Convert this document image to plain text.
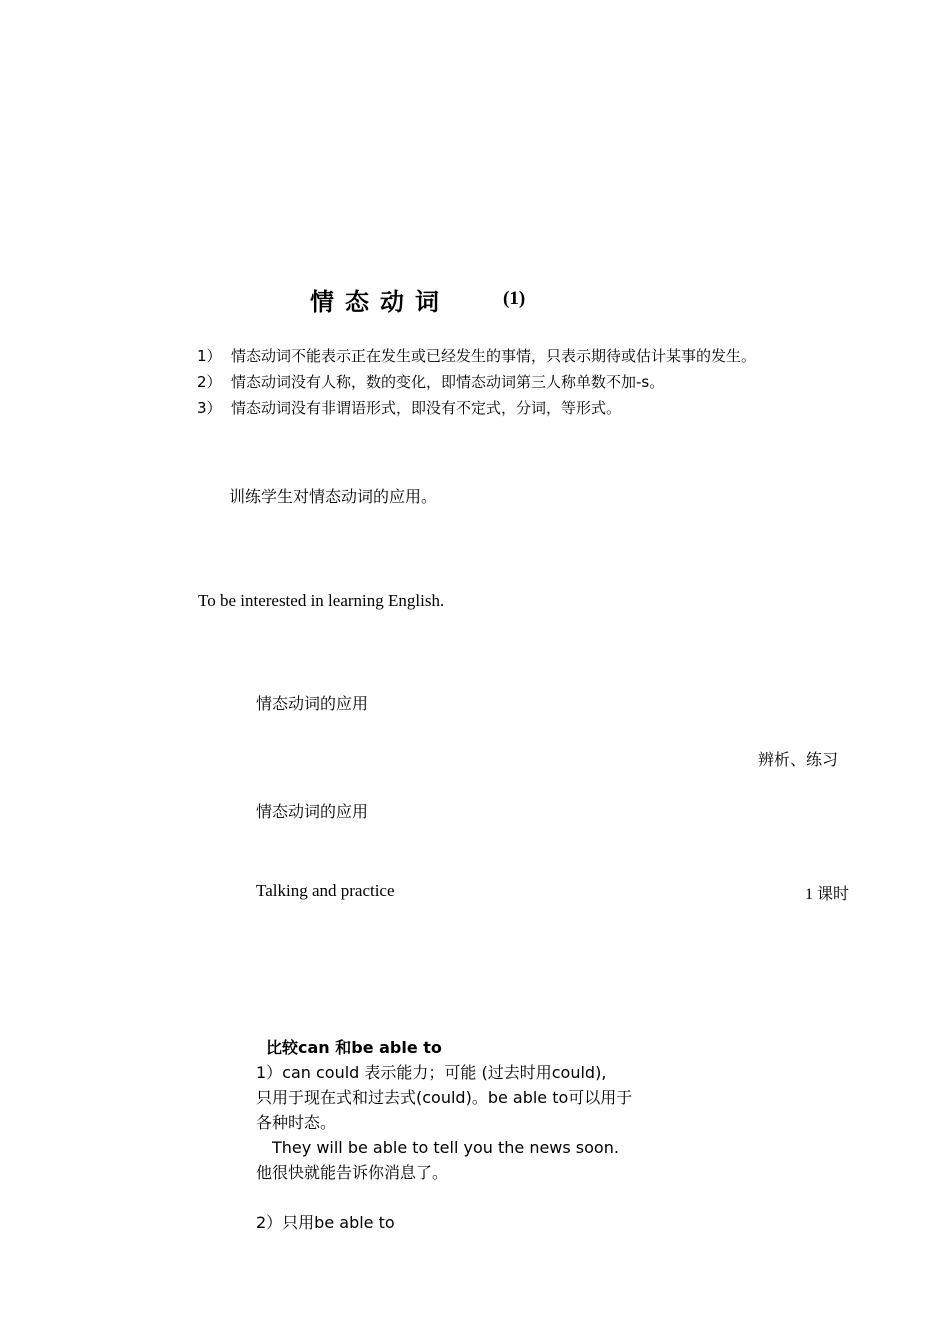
情态动词	(1)
1） 情态动词不能表示正在发生或已经发生的事情，只表示期待或估计某事的发生。
2） 情态动词没有人称，数的变化，即情态动词第三人称单数不加-s。
3） 情态动词没有非谓语形式，即没有不定式，分词，等形式。
训练学生对情态动词的应用。
To be interested in learning English.
情态动词的应用
辨析、练习
情态动词的应用
Talking and practice	1 课时
比较can 和be able to
1）can could 表示能力；可能 (过去时用could),
只用于现在式和过去式(could)。be able to可以用于
各种时态。
They will be able to tell you the news soon.
他很快就能告诉你消息了。
2）只用be able to
